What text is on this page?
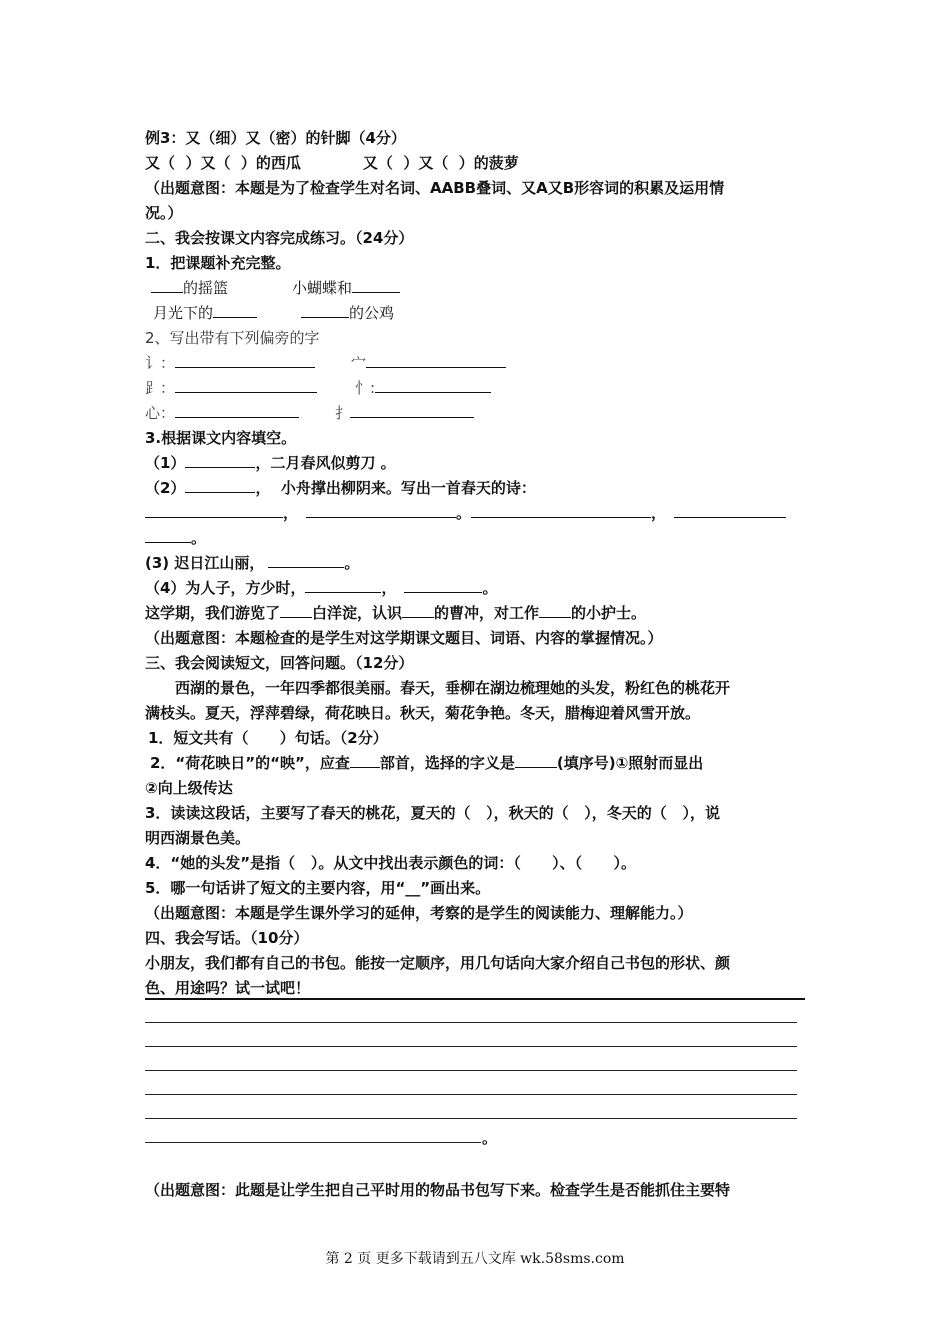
例3：又（细）又（密）的针脚（4分）
又（  ）又（  ）的西瓜	又（  ）又（  ）的菠萝
（出题意图：本题是为了检查学生对名词、AABB叠词、又A又B形容词的积累及运用情
况。）
二、我会按课文内容完成练习。（24分）
1．把课题补充完整。
的摇篮	小蝴蝶和
月光下的	的公鸡
2、写出带有下列偏旁的字
讠：	宀
⻊：	忄:
心：	扌
3.根据课文内容填空。
（1）	，二月春风似剪刀 。
（2）	，  小舟撑出柳阴来。写出一首春天的诗：
，	。	，
。
(3) 迟日江山丽，	。
（4）为人子，方少时，	，	。
这学期，我们游览了 白洋淀，认识 的曹冲，对工作 的小护士。
（出题意图：本题检查的是学生对这学期课文题目、词语、内容的掌握情况。）
三、我会阅读短文，回答问题。（12分）
西湖的景色，一年四季都很美丽。春天，垂柳在湖边梳理她的头发，粉红色的桃花开
满枝头。夏天，浮萍碧绿，荷花映日。秋天，菊花争艳。冬天，腊梅迎着风雪开放。
1．短文共有（      ）句话。（2分）
2．“荷花映日”的“映”，应查 部首，选择的字义是	(填序号)①照射而显出
②向上级传达
3．读读这段话，主要写了春天的桃花，夏天的（   ），秋天的（   ），冬天的（   ），说
明西湖景色美。
4．“她的头发”是指（   ）。从文中找出表示颜色的词：（      ）、（      ）。
5．哪一句话讲了短文的主要内容，用“__”画出来。
（出题意图：本题是学生课外学习的延伸，考察的是学生的阅读能力、理解能力。）
四、我会写话。（10分）
小朋友，我们都有自己的书包。能按一定顺序，用几句话向大家介绍自己书包的形状、颜
色、用途吗？试一试吧！
。
（出题意图：此题是让学生把自己平时用的物品书包写下来。检查学生是否能抓住主要特
第 2 页 更多下载请到五八文库 wk.58sms.com
